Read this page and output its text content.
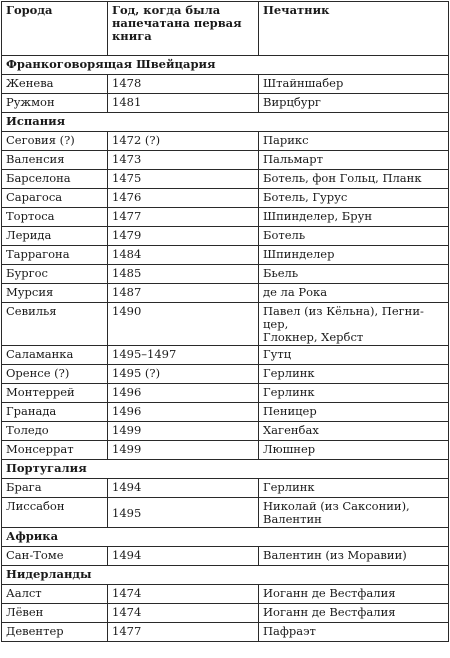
Города	Год, когда была напечатана первая книга	Печатник
Франкоговорящая Швейцария		
Женева	1478	Штайншабер
Ружмон	1481	Вирцбург
Испания		
Сеговия (?)	1472 (?)	Парикс
Валенсия	1473	Пальмарт
Барселона	1475	Ботель, фон Гольц, Планк
Сарагоса	1476	Ботель, Гурус
Тортоса	1477	Шпинделер, Брун
Лерида	1479	Ботель
Таррагона	1484	Шпинделер
Бургос	1485	Бьель
Мурсия	1487	де ла Рока
Севилья	1490	Павел (из Кёльна), Пегни-
цер,
Глокнер, Хербст

Саламанка	1495–1497	Гутц
Оренсе (?)	1495 (?)	Герлинк
Монтеррей	1496	Герлинк
Гранада	1496	Пеницер
Толедо	1499	Хагенбах
Монсеррат	1499	Люшнер
Португалия		
Брага	1494	Герлинк
Лиссабон	1495	Николай (из Саксонии),
Валентин

Африка		
Сан-Томе	1494	Валентин (из Моравии)
Нидерланды		
Аалст	1474	Иоганн де Вестфалия
Лёвен	1474	Иоганн де Вестфалия
Девентер	1477	Пафраэт
